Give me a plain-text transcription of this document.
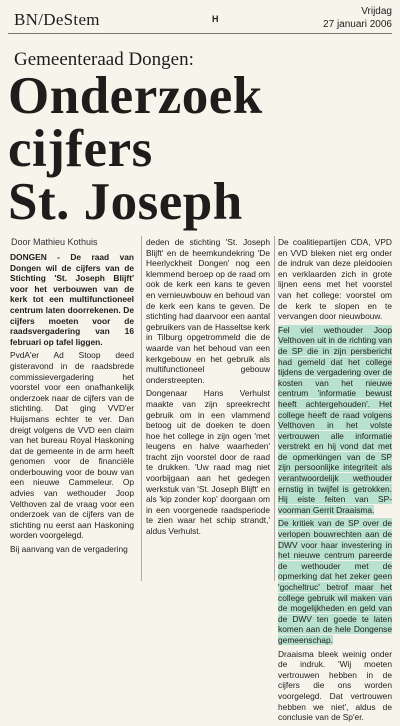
BN/DeStem	H
Vrijdag
27 januari 2006
Gemeenteraad Dongen:
Onderzoek
cijfers
St. Joseph
Door Mathieu Kothuis

DONGEN - De raad van Dongen wil de cijfers van de Stichting 'St. Joseph Blijft' voor het verbouwen van de kerk tot een multifunctioneel centrum laten doorrekenen. De cijfers moeten voor de raadsvergadering van 16 februari op tafel liggen.

PvdA'er Ad Stoop deed gisteravond in de raadsbrede commissievergadering het voorstel voor een onafhankelijk onderzoek naar de cijfers van de stichting. Dat ging VVD'er Huijsmans echter te ver. Dan dreigt volgens de VVD een claim van het bureau Royal Haskoning dat de gemeente in de arm heeft genomen voor de financiële onderbouwing voor de bouw van een nieuwe Cammeleur. Op advies van wethouder Joop Velthoven zal de vraag voor een onderzoek van de cijfers van de stichting nu eerst aan Haskoning worden voorgelegd.

Bij aanvang van de vergadering

deden de stichting 'St. Joseph Blijft' en de heemkundekring 'De Heerlyckheit Dongen' nog een klemmend beroep op de raad om ook de kerk een kans te geven en vernieuwbouw en behoud van de kerk een kans te geven. De stichting had daarvoor een aantal gebruikers van de Hasseltse kerk in Tilburg opgetrommeld die de waarde van het behoud van een kerkgebouw en het gebruik als multifunctioneel gebouw onderstreepten.

Dongenaar Hans Verhulst maakte van zijn spreekrecht gebruik om in een vlammend betoog uit de doeken te doen hoe het college in zijn ogen 'met leugens en halve waarheden' tracht zijn voorstel door de raad te drukken. 'Uw raad mag niet voorbijgaan aan het gedegen werkstuk van 'St. Joseph Blijft' en als 'kip zonder kop' doorgaan om in een voorgenede raadsperiode te zien waar het schip strandt,' aldus Verhulst.

De coalitiepartijen CDA, VPD en VVD bleken niet erg onder de indruk van deze pleidooien en verklaarden zich in grote lijnen eens met het voorstel van het college: voorstel om de kerk te slopen en te vervangen door nieuwbouw.

Fel viel wethouder Joop Velthoven uit in de richting van de SP die in zijn persbericht had gemeld dat het college tijdens de vergadering over de kosten van het nieuwe centrum 'informatie bewust heeft achtergehouden'. Het college heeft de raad volgens Velthoven in het volste vertrouwen alle informatie verstrekt en hij vond dat met de opmerkingen van de SP zijn persoonlijke integriteit als verantwoordelijk wethouder ernstig in twijfel is getrokken. Hij eiste feiten van SP-voorman Gerrit Draaisma.

De kritiek van de SP over de verlopen bouwrechten aan de DWV voor haar investering in het nieuwe centrum pareerde de wethouder met de opmerking dat het zeker geen 'gocheltruc' betrof maar het college gebruik wil maken van de mogelijkheden en geld van de DWV ten goede te laten komen aan de hele Dongense gemeenschap.

Draaisma bleek weinig onder de indruk. 'Wij moeten vertrouwen hebben in de cijfers die ons worden voorgelegd. Dat vertrouwen hebben we niet', aldus de conclusie van de Sp'er.
